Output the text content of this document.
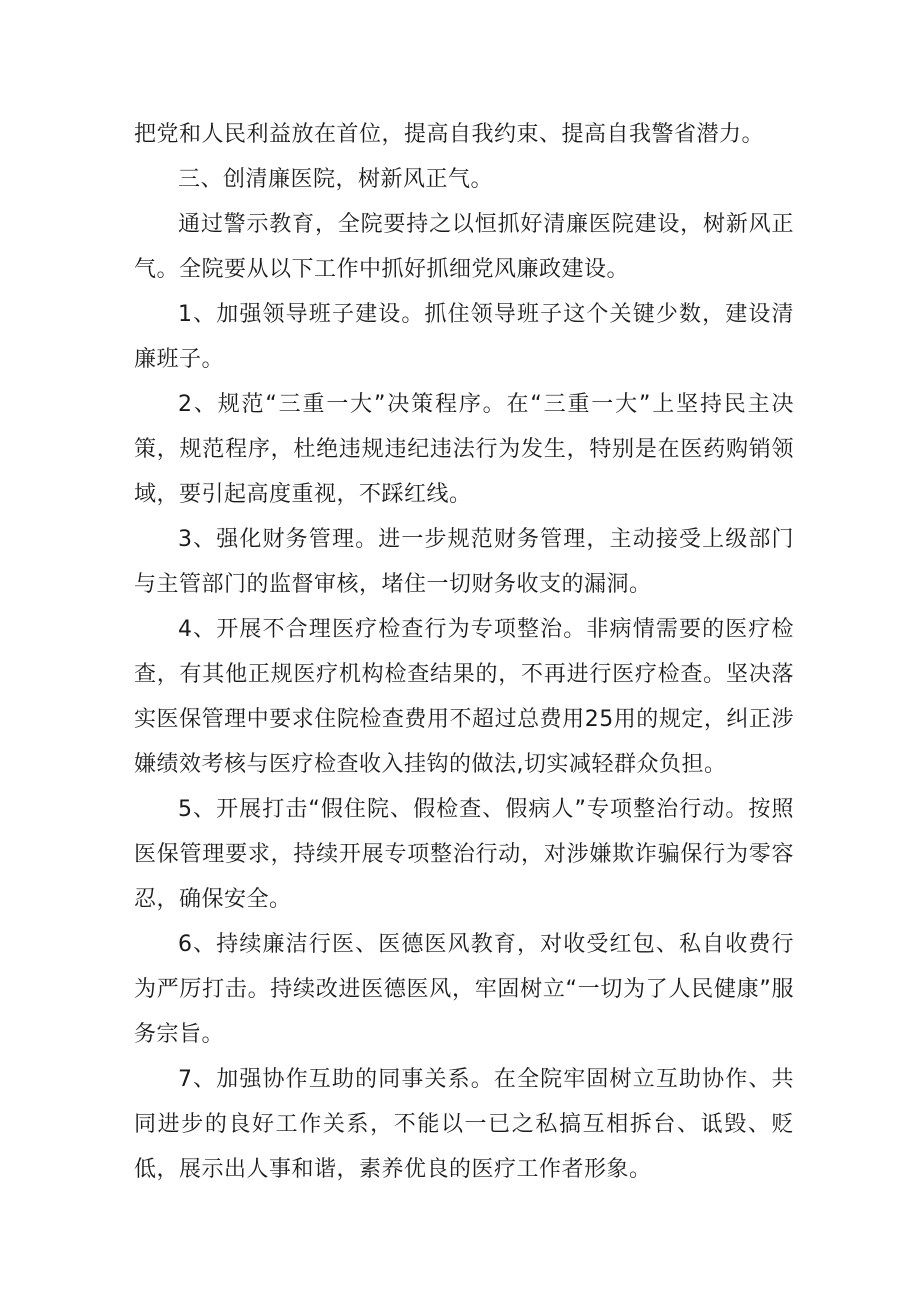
把党和人民利益放在首位，提高自我约束、提高自我警省潜力。

三、创清廉医院，树新风正气。

通过警示教育，全院要持之以恒抓好清廉医院建设，树新风正气。全院要从以下工作中抓好抓细党风廉政建设。

1、加强领导班子建设。抓住领导班子这个关键少数，建设清廉班子。

2、规范“三重一大”决策程序。在“三重一大”上坚持民主决策，规范程序，杜绝违规违纪违法行为发生，特别是在医药购销领域，要引起高度重视，不踩红线。

3、强化财务管理。进一步规范财务管理，主动接受上级部门与主管部门的监督审核，堵住一切财务收支的漏洞。

4、开展不合理医疗检查行为专项整治。非病情需要的医疗检查，有其他正规医疗机构检查结果的，不再进行医疗检查。坚决落实医保管理中要求住院检查费用不超过总费用25用的规定，纠正涉嫌绩效考核与医疗检查收入挂钩的做法,切实减轻群众负担。

5、开展打击“假住院、假检查、假病人”专项整治行动。按照医保管理要求，持续开展专项整治行动，对涉嫌欺诈骗保行为零容忍，确保安全。

6、持续廉洁行医、医德医风教育，对收受红包、私自收费行为严厉打击。持续改进医德医风，牢固树立“一切为了人民健康”服务宗旨。

7、加强协作互助的同事关系。在全院牢固树立互助协作、共同进步的良好工作关系，不能以一已之私搞互相拆台、诋毁、贬低，展示出人事和谐，素养优良的医疗工作者形象。
